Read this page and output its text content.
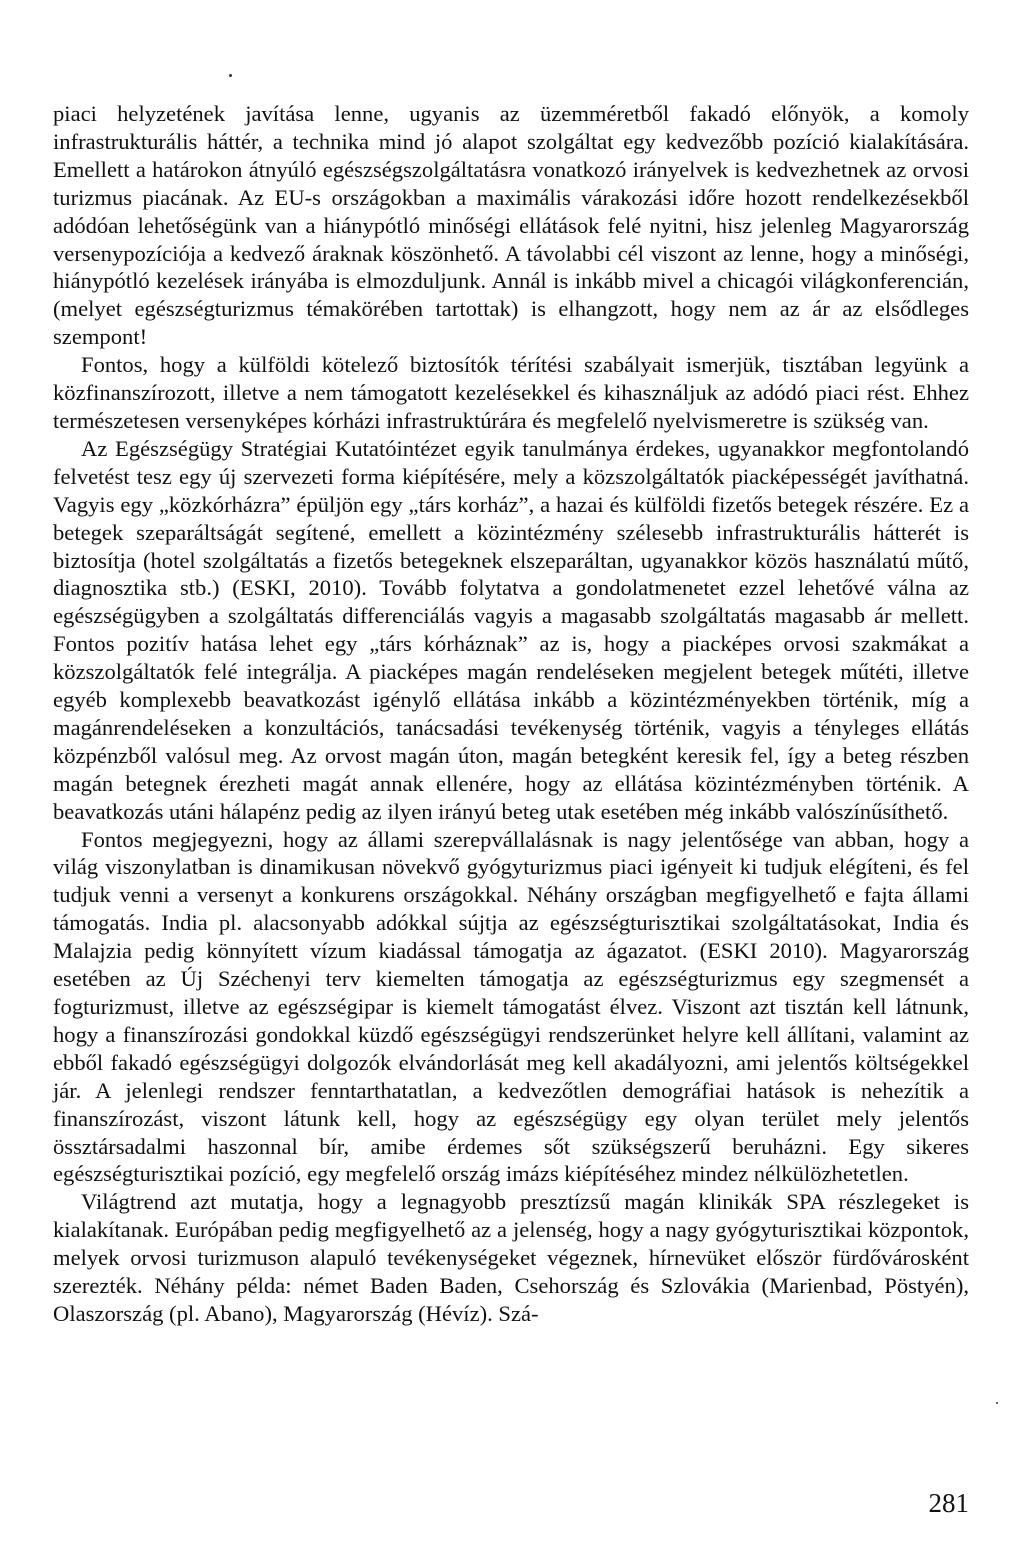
piaci helyzetének javítása lenne, ugyanis az üzemméretből fakadó előnyök, a komoly infrastrukturális háttér, a technika mind jó alapot szolgáltat egy kedvezőbb pozíció kialakítására. Emellett a határokon átnyúló egészségszolgáltatásra vonatkozó irányelvek is kedvezhetnek az orvosi turizmus piacának. Az EU-s országokban a maximális várakozási időre hozott rendelkezésekből adódóan lehetőségünk van a hiánypótló minőségi ellátások felé nyitni, hisz jelenleg Magyarország versenypozíciója a kedvező áraknak köszönhető. A távolabbi cél viszont az lenne, hogy a minőségi, hiánypótló kezelések irányába is elmozduljunk. Annál is inkább mivel a chicagói világkonferencián, (melyet egészségturizmus témakörében tartottak) is elhangzott, hogy nem az ár az elsődleges szempont!

Fontos, hogy a külföldi kötelező biztosítók térítési szabályait ismerjük, tisztában legyünk a közfinanszírozott, illetve a nem támogatott kezelésekkel és kihasználjuk az adódó piaci rést. Ehhez természetesen versenyképes kórházi infrastruktúrára és megfelelő nyelvismeretre is szükség van.

Az Egészségügy Stratégiai Kutatóintézet egyik tanulmánya érdekes, ugyanakkor megfontolandó felvetést tesz egy új szervezeti forma kiépítésére, mely a közszolgáltatók piacképességét javíthatná. Vagyis egy „közkórházra” épüljön egy „társ korház”, a hazai és külföldi fizetős betegek részére. Ez a betegek szeparáltságát segítené, emellett a közintézmény szélesebb infrastrukturális hátterét is biztosítja (hotel szolgáltatás a fizetős betegeknek elszeparáltan, ugyanakkor közös használatú műtő, diagnosztika stb.) (ESKI, 2010). Tovább folytatva a gondolatmenetet ezzel lehetővé válna az egészségügyben a szolgáltatás differenciálás vagyis a magasabb szolgáltatás magasabb ár mellett. Fontos pozitív hatása lehet egy „társ kórháznak” az is, hogy a piacképes orvosi szakmákat a közszolgáltatók felé integrálja. A piacképes magán rendeléseken megjelent betegek műtéti, illetve egyéb komplexebb beavatkozást igénylő ellátása inkább a közintézményekben történik, míg a magánrendeléseken a konzultációs, tanácsadási tevékenység történik, vagyis a tényleges ellátás közpénzből valósul meg. Az orvost magán úton, magán betegként keresik fel, így a beteg részben magán betegnek érezheti magát annak ellenére, hogy az ellátása közintézményben történik. A beavatkozás utáni hálapénz pedig az ilyen irányú beteg utak esetében még inkább valószínűsíthető.

Fontos megjegyezni, hogy az állami szerepvállalásnak is nagy jelentősége van abban, hogy a világ viszonylatban is dinamikusan növekvő gyógyturizmus piaci igényeit ki tudjuk elégíteni, és fel tudjuk venni a versenyt a konkurens országokkal. Néhány országban megfigyelhető e fajta állami támogatás. India pl. alacsonyabb adókkal sújtja az egészségturisztikai szolgáltatásokat, India és Malajzia pedig könnyített vízum kiadással támogatja az ágazatot. (ESKI 2010). Magyarország esetében az Új Széchenyi terv kiemelten támogatja az egészségturizmus egy szegmensét a fogturizmust, illetve az egészségipar is kiemelt támogatást élvez. Viszont azt tisztán kell látnunk, hogy a finanszírozási gondokkal küzdő egészségügyi rendszerünket helyre kell állítani, valamint az ebből fakadó egészségügyi dolgozók elvándorlását meg kell akadályozni, ami jelentős költségekkel jár. A jelenlegi rendszer fenntarthatatlan, a kedvezőtlen demográfiai hatások is nehezítik a finanszírozást, viszont látunk kell, hogy az egészségügy egy olyan terület mely jelentős össztársadalmi haszonnal bír, amibe érdemes sőt szükségszerű beruházni. Egy sikeres egészségturisztikai pozíció, egy megfelelő ország imázs kiépítéséhez mindez nélkülözhetetlen.

Világtrend azt mutatja, hogy a legnagyobb presztízsű magán klinikák SPA részlegeket is kialakítanak. Európában pedig megfigyelhető az a jelenség, hogy a nagy gyógyturisztikai központok, melyek orvosi turizmuson alapuló tevékenységeket végeznek, hírnevüket először fürdővárosként szerezték. Néhány példa: német Baden Baden, Csehország és Szlovákia (Marienbad, Pöstyén), Olaszország (pl. Abano), Magyarország (Hévíz). Szá-

281
